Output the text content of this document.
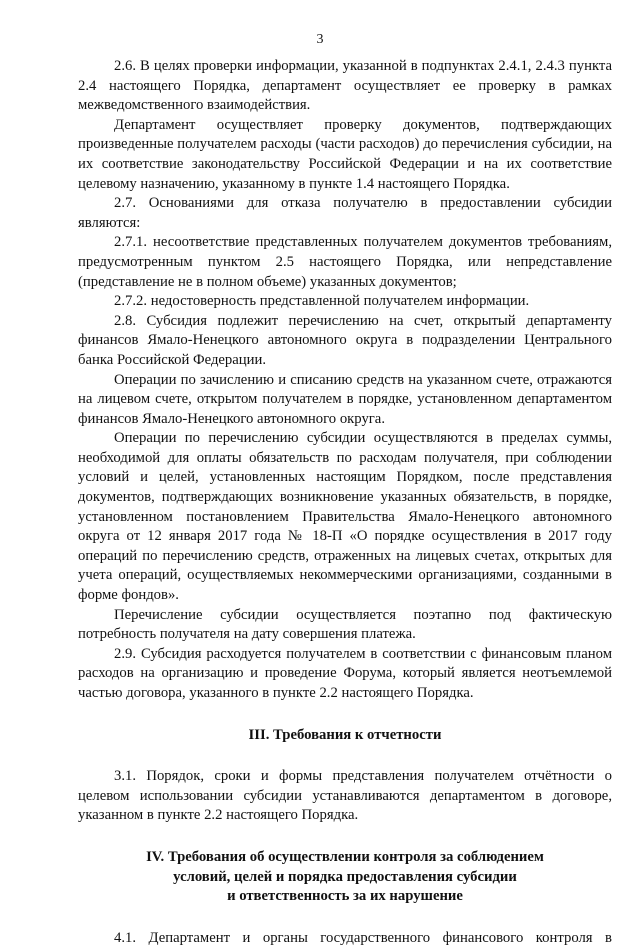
3

2.6. В целях проверки информации, указанной в подпунктах 2.4.1, 2.4.3 пункта 2.4 настоящего Порядка, департамент осуществляет ее проверку в рамках межведомственного взаимодействия.

Департамент осуществляет проверку документов, подтверждающих произведенные получателем расходы (части расходов) до перечисления субсидии, на их соответствие законодательству Российской Федерации и на их соответствие целевому назначению, указанному в пункте 1.4 настоящего Порядка.

2.7. Основаниями для отказа получателю в предоставлении субсидии являются:

2.7.1. несоответствие представленных получателем документов требованиям, предусмотренным пунктом 2.5 настоящего Порядка, или непредставление (представление не в полном объеме) указанных документов;

2.7.2. недостоверность представленной получателем информации.

2.8. Субсидия подлежит перечислению на счет, открытый департаменту финансов Ямало-Ненецкого автономного округа в подразделении Центрального банка Российской Федерации.

Операции по зачислению и списанию средств на указанном счете, отражаются на лицевом счете, открытом получателем в порядке, установленном департаментом финансов Ямало-Ненецкого автономного округа.

Операции по перечислению субсидии осуществляются в пределах суммы, необходимой для оплаты обязательств по расходам получателя, при соблюдении условий и целей, установленных настоящим Порядком, после представления документов, подтверждающих возникновение указанных обязательств, в порядке, установленном постановлением Правительства Ямало-Ненецкого автономного округа от 12 января 2017 года № 18-П «О порядке осуществления в 2017 году операций по перечислению средств, отраженных на лицевых счетах, открытых для учета операций, осуществляемых некоммерческими организациями, созданными в форме фондов».

Перечисление субсидии осуществляется поэтапно под фактическую потребность получателя на дату совершения платежа.

2.9. Субсидия расходуется получателем в соответствии с финансовым планом расходов на организацию и проведение Форума, который является неотъемлемой частью договора, указанного в пункте 2.2 настоящего Порядка.

III. Требования к отчетности

3.1. Порядок, сроки и формы представления получателем отчётности о целевом использовании субсидии устанавливаются департаментом в договоре, указанном в пункте 2.2 настоящего Порядка.

IV. Требования об осуществлении контроля за соблюдением
условий, целей и порядка предоставления субсидии
и ответственность за их нарушение

4.1. Департамент и органы государственного финансового контроля в
